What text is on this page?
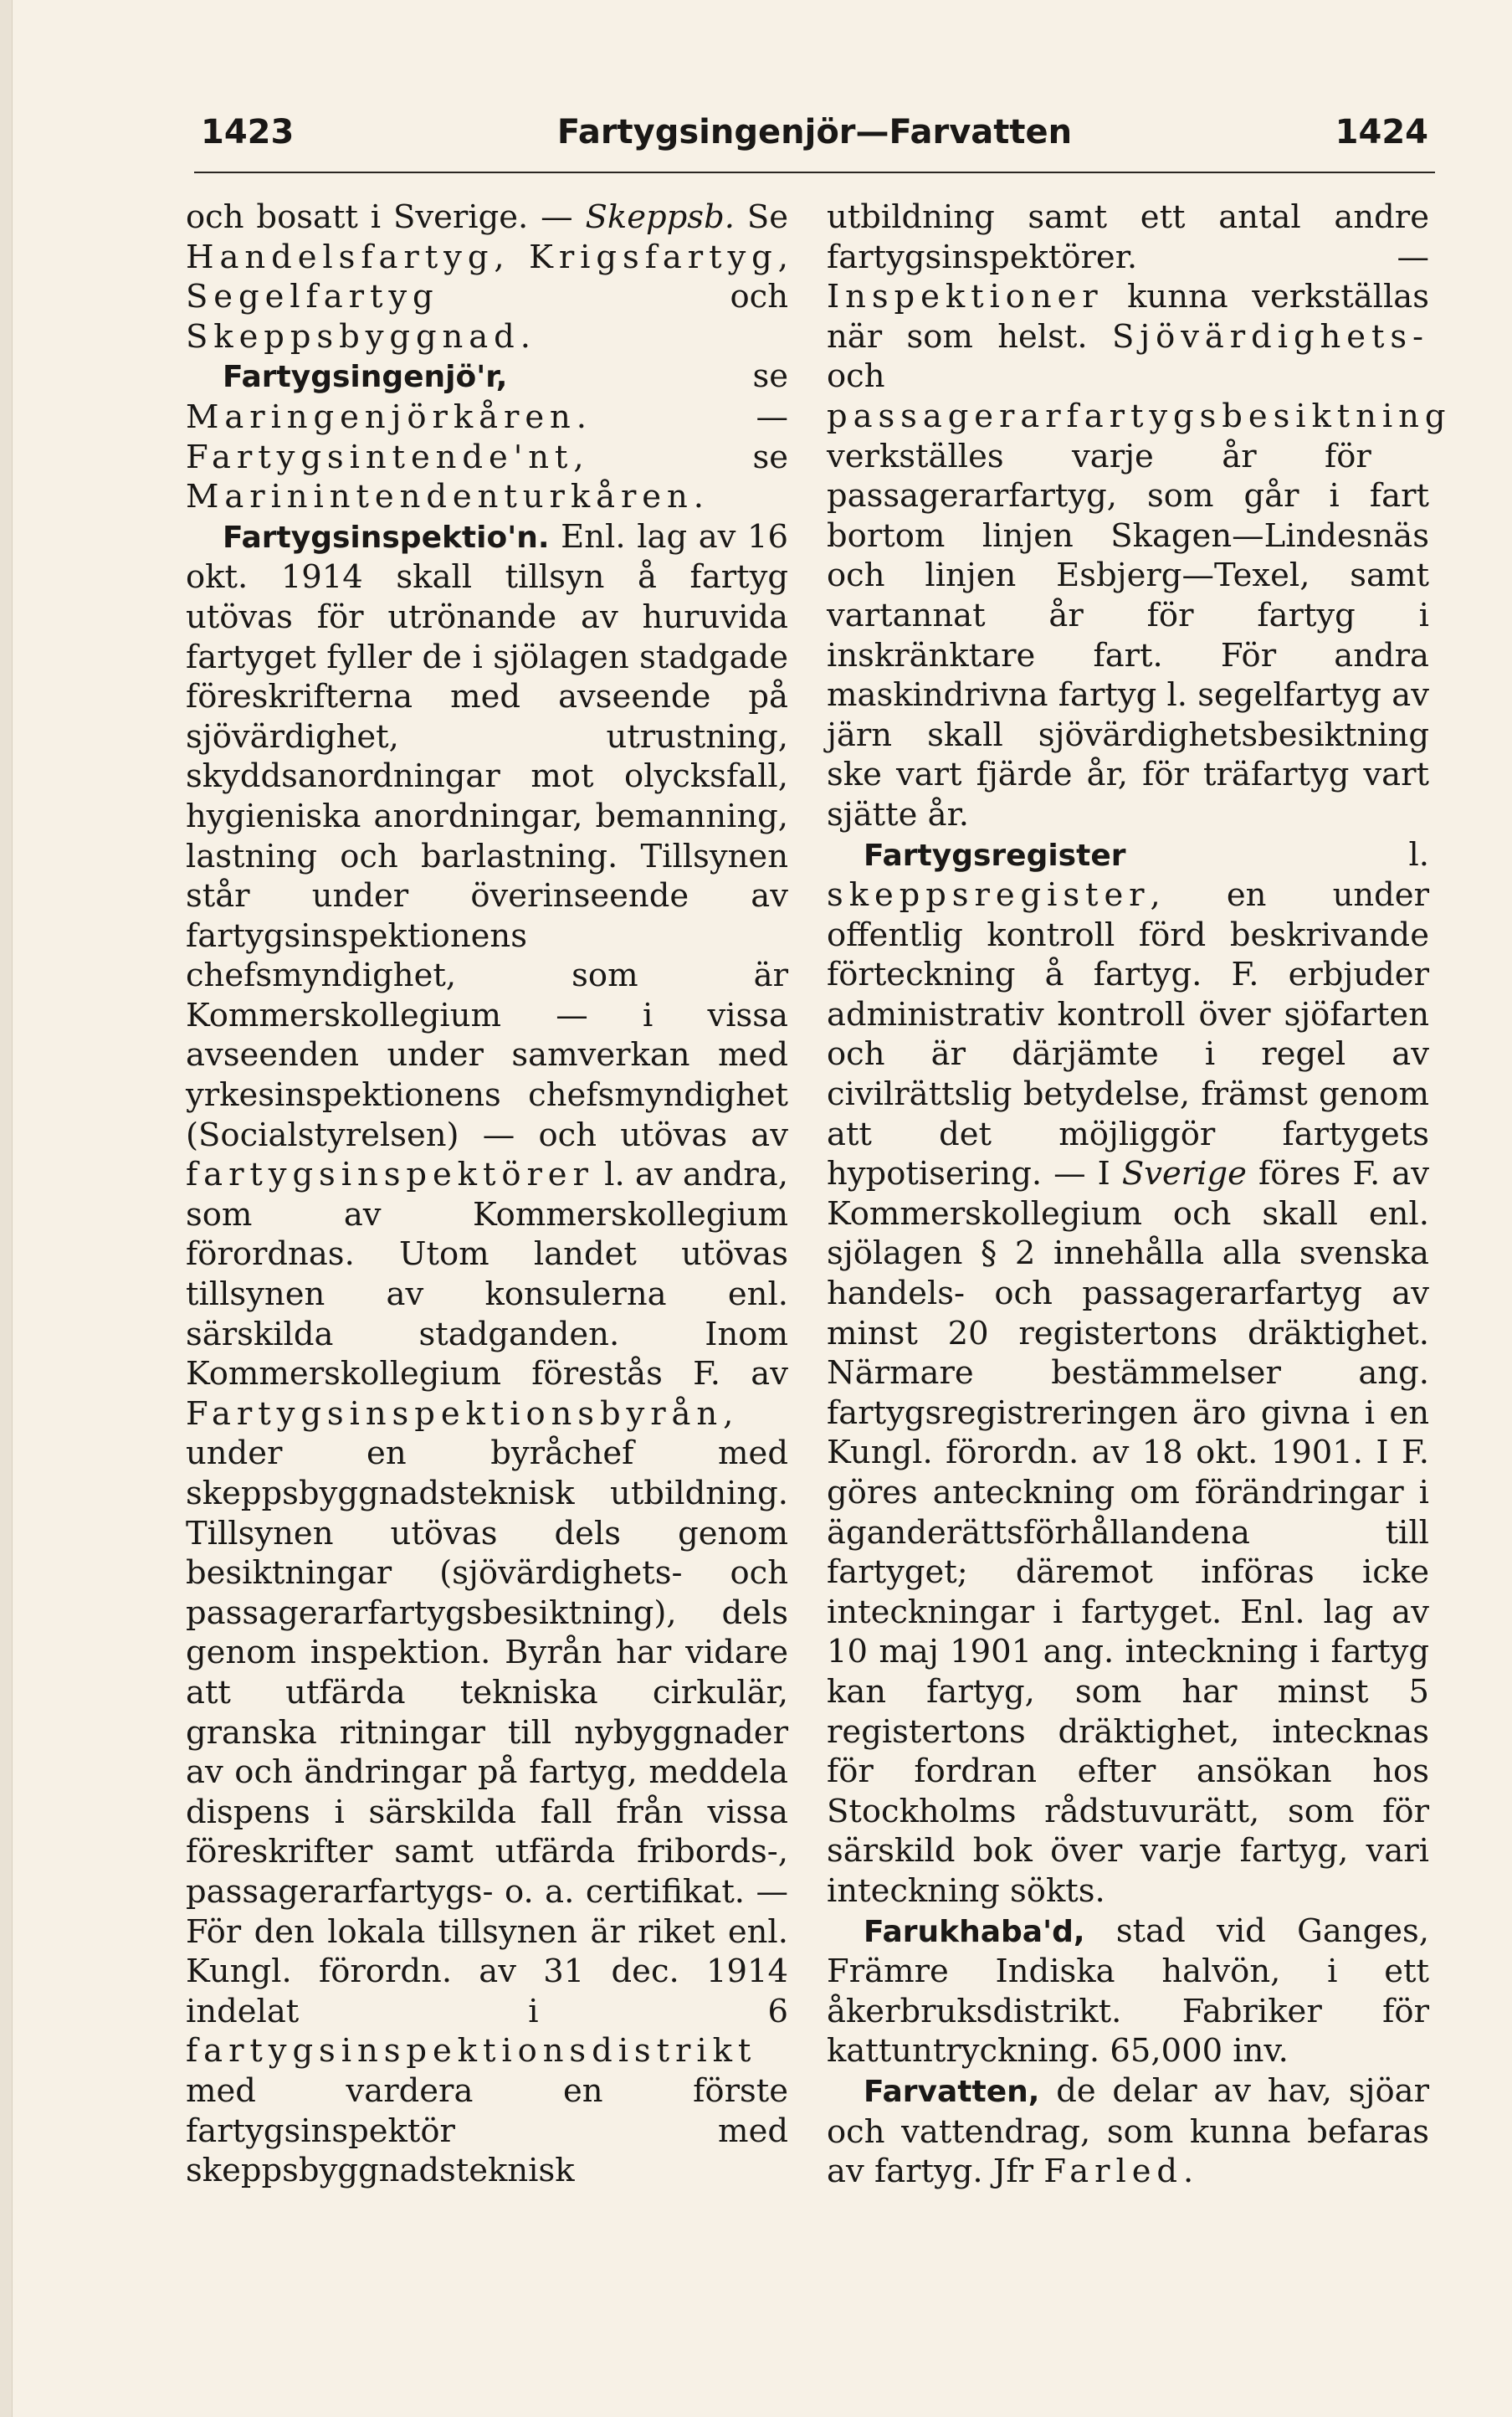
1423	Fartygsingenjör—Farvatten	1424

och bosatt i Sverige. — Skeppsb. Se Handelsfartyg, Krigsfartyg, Segelfartyg och Skeppsbyggnad.

Fartygsingenjö'r, se Maringenjörkåren. — Fartygsintende'nt, se Marinintendenturkåren.

Fartygsinspektio'n. Enl. lag av 16 okt. 1914 skall tillsyn å fartyg utövas för utrönande av huruvida fartyget fyller de i sjölagen stadgade föreskrifterna med avseende på sjövärdighet, utrustning, skyddsanordningar mot olycksfall, hygieniska anordningar, bemanning, lastning och barlastning. Tillsynen står under överinseende av fartygsinspektionens chefsmyndighet, som är Kommerskollegium — i vissa avseenden under samverkan med yrkesinspektionens chefsmyndighet (Socialstyrelsen) — och utövas av fartygsinspektörer l. av andra, som av Kommerskollegium förordnas. Utom landet utövas tillsynen av konsulerna enl. särskilda stadganden. Inom Kommerskollegium förestås F. av Fartygsinspektionsbyrån, under en byråchef med skeppsbyggnadsteknisk utbildning. Tillsynen utövas dels genom besiktningar (sjövärdighets- och passagerarfartygsbesiktning), dels genom inspektion. Byrån har vidare att utfärda tekniska cirkulär, granska ritningar till nybyggnader av och ändringar på fartyg, meddela dispens i särskilda fall från vissa föreskrifter samt utfärda fribords-, passagerarfartygs- o. a. certifikat. — För den lokala tillsynen är riket enl. Kungl. förordn. av 31 dec. 1914 indelat i 6 fartygsinspektionsdistrikt med vardera en förste fartygsinspektör med skeppsbyggnadsteknisk

utbildning samt ett antal andre fartygsinspektörer. — Inspektioner kunna verkställas när som helst. Sjövärdighets- och passagerarfartygsbesiktning verkställes varje år för passagerarfartyg, som går i fart bortom linjen Skagen—Lindesnäs och linjen Esbjerg—Texel, samt vartannat år för fartyg i inskränktare fart. För andra maskindrivna fartyg l. segelfartyg av järn skall sjövärdighetsbesiktning ske vart fjärde år, för träfartyg vart sjätte år.

Fartygsregister l. skeppsregister, en under offentlig kontroll förd beskrivande förteckning å fartyg. F. erbjuder administrativ kontroll över sjöfarten och är därjämte i regel av civilrättslig betydelse, främst genom att det möjliggör fartygets hypotisering. — I Sverige föres F. av Kommerskollegium och skall enl. sjölagen § 2 innehålla alla svenska handels- och passagerarfartyg av minst 20 registertons dräktighet. Närmare bestämmelser ang. fartygsregistreringen äro givna i en Kungl. förordn. av 18 okt. 1901. I F. göres anteckning om förändringar i äganderättsförhållandena till fartyget; däremot införas icke inteckningar i fartyget. Enl. lag av 10 maj 1901 ang. inteckning i fartyg kan fartyg, som har minst 5 registertons dräktighet, intecknas för fordran efter ansökan hos Stockholms rådstuvurätt, som för särskild bok över varje fartyg, vari inteckning sökts.

Farukhaba'd, stad vid Ganges, Främre Indiska halvön, i ett åkerbruksdistrikt. Fabriker för kattuntryckning. 65,000 inv.

Farvatten, de delar av hav, sjöar och vattendrag, som kunna befaras av fartyg. Jfr Farled.
